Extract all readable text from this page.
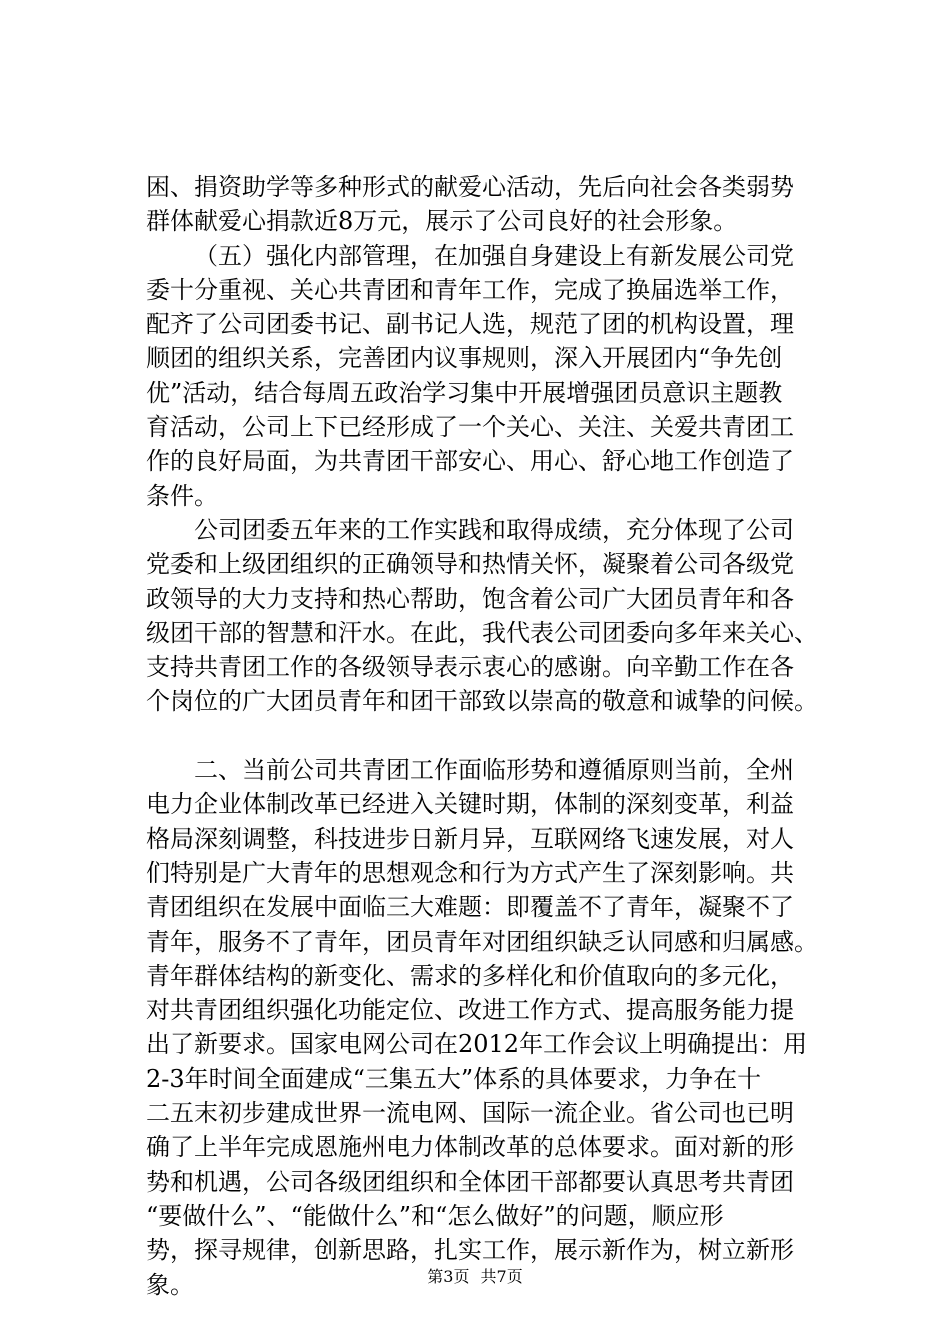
困、捐资助学等多种形式的献爱心活动，先后向社会各类弱势
群体献爱心捐款近8万元，展示了公司良好的社会形象。
（五）强化内部管理，在加强自身建设上有新发展公司党
委十分重视、关心共青团和青年工作，完成了换届选举工作，
配齐了公司团委书记、副书记人选，规范了团的机构设置，理
顺团的组织关系，完善团内议事规则，深入开展团内“争先创
优”活动，结合每周五政治学习集中开展增强团员意识主题教
育活动，公司上下已经形成了一个关心、关注、关爱共青团工
作的良好局面，为共青团干部安心、用心、舒心地工作创造了
条件。
公司团委五年来的工作实践和取得成绩，充分体现了公司
党委和上级团组织的正确领导和热情关怀，凝聚着公司各级党
政领导的大力支持和热心帮助，饱含着公司广大团员青年和各
级团干部的智慧和汗水。在此，我代表公司团委向多年来关心、
支持共青团工作的各级领导表示衷心的感谢。向辛勤工作在各
个岗位的广大团员青年和团干部致以崇高的敬意和诚挚的问候。
二、当前公司共青团工作面临形势和遵循原则当前，全州
电力企业体制改革已经进入关键时期，体制的深刻变革，利益
格局深刻调整，科技进步日新月异，互联网络飞速发展，对人
们特别是广大青年的思想观念和行为方式产生了深刻影响。共
青团组织在发展中面临三大难题：即覆盖不了青年，凝聚不了
青年，服务不了青年，团员青年对团组织缺乏认同感和归属感。
青年群体结构的新变化、需求的多样化和价值取向的多元化，
对共青团组织强化功能定位、改进工作方式、提高服务能力提
出了新要求。国家电网公司在2012年工作会议上明确提出：用
2-3年时间全面建成“三集五大”体系的具体要求，力争在十
二五末初步建成世界一流电网、国际一流企业。省公司也已明
确了上半年完成恩施州电力体制改革的总体要求。面对新的形
势和机遇，公司各级团组织和全体团干部都要认真思考共青团
“要做什么”、“能做什么”和“怎么做好”的问题，顺应形
势，探寻规律，创新思路，扎实工作，展示新作为，树立新形
象。	第3页 共7页
